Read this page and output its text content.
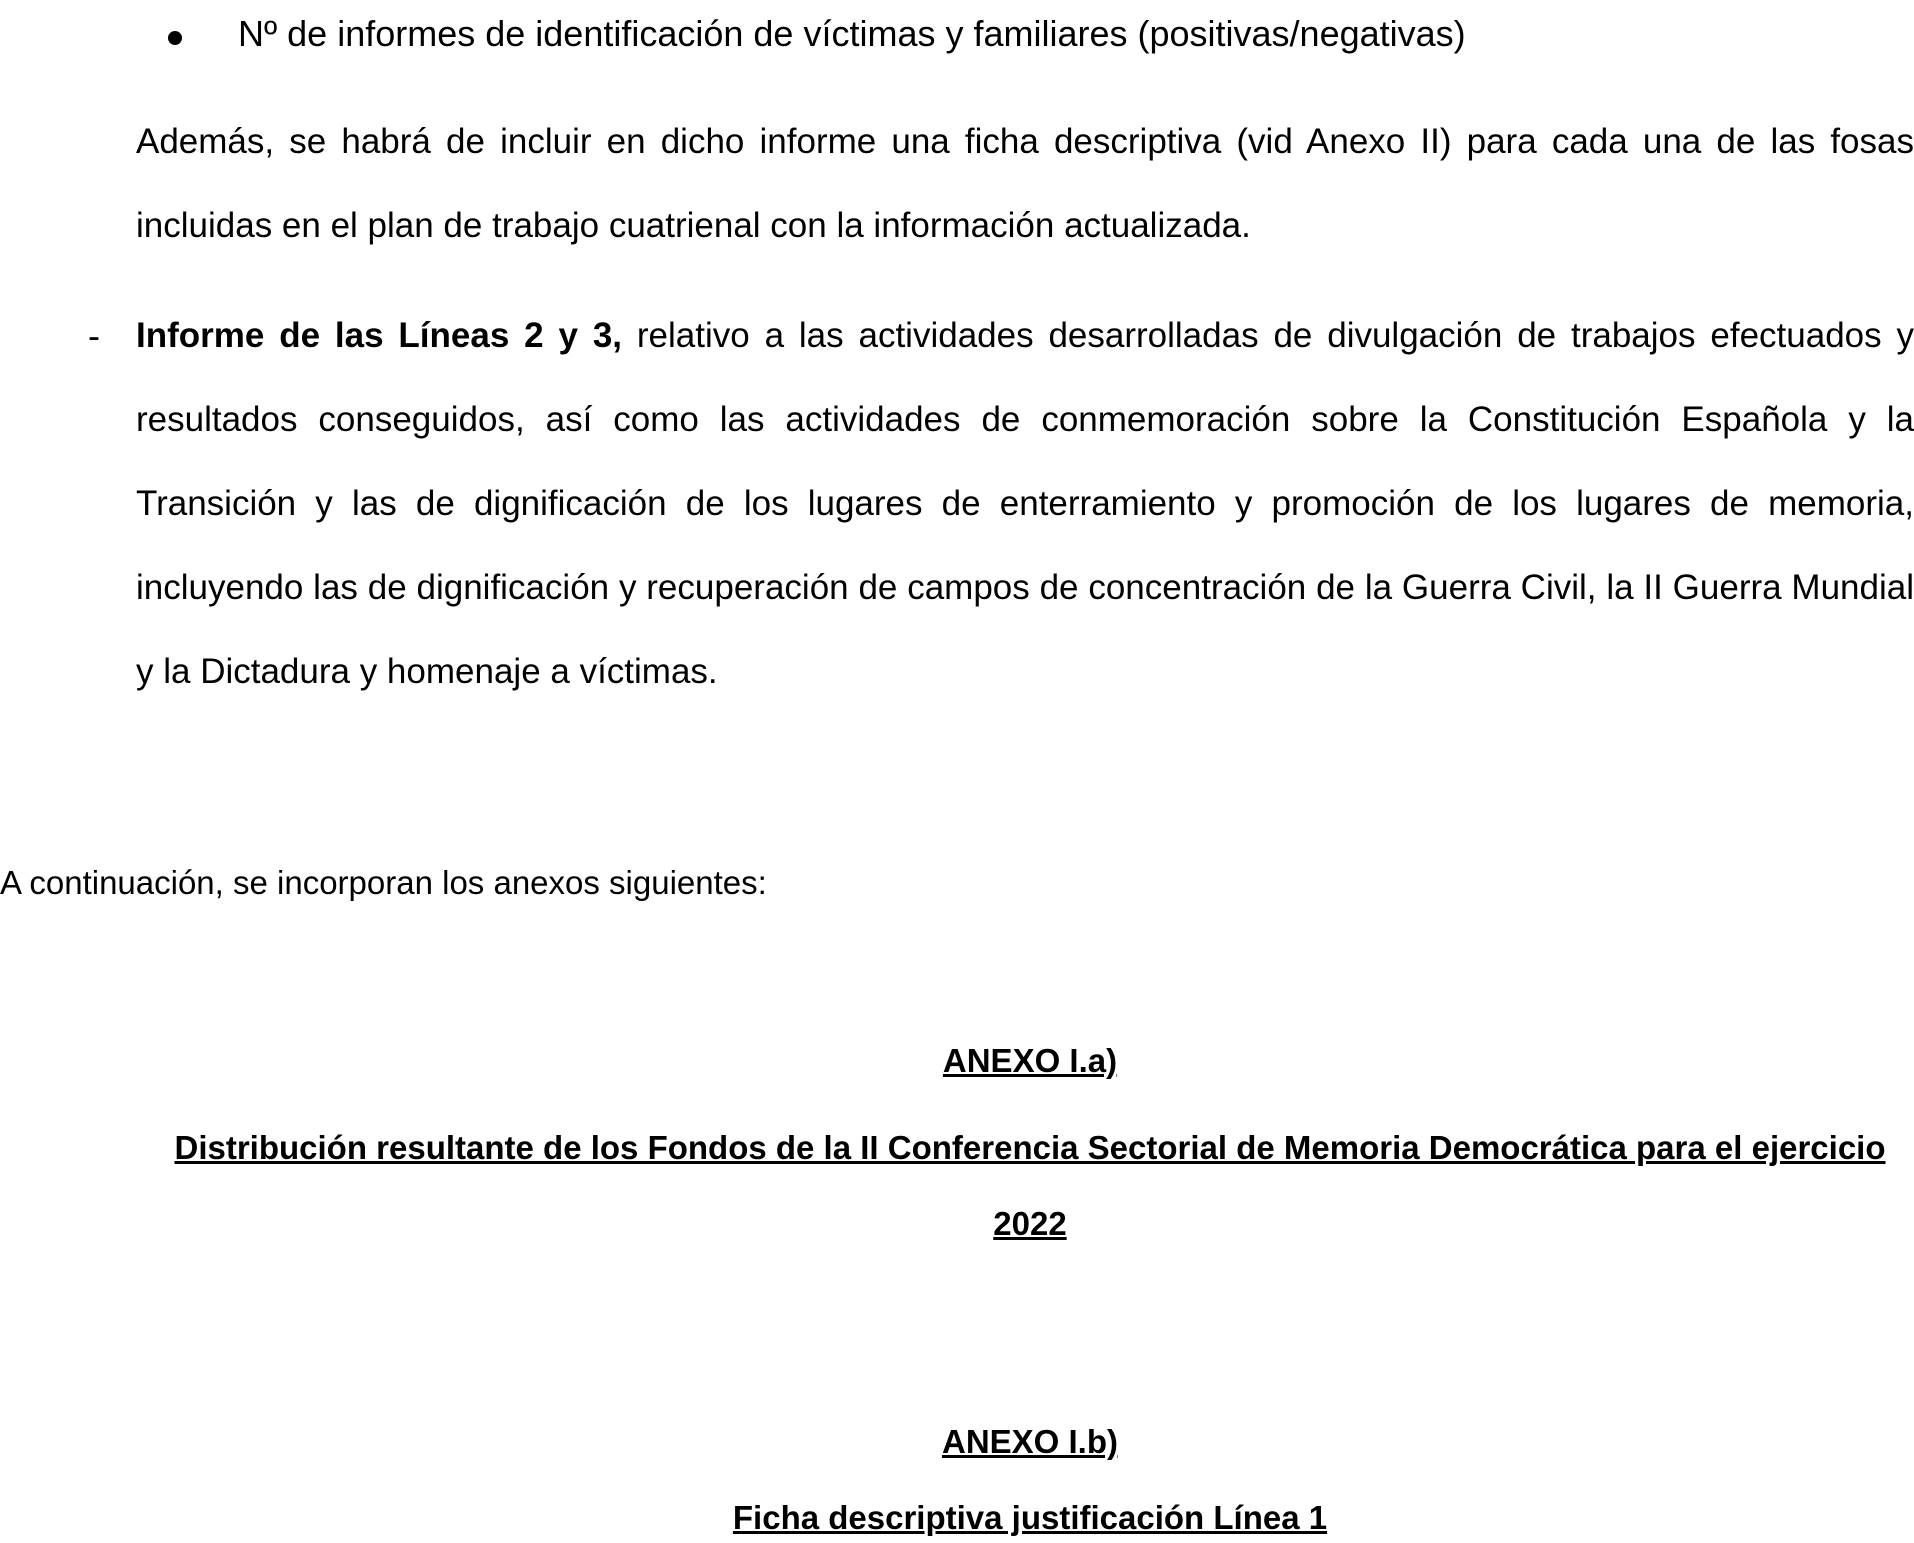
Nº de informes de identificación de víctimas y familiares (positivas/negativas)
Además, se habrá de incluir en dicho informe una ficha descriptiva (vid Anexo II) para cada una de las fosas incluidas en el plan de trabajo cuatrienal con la información actualizada.
- Informe de las Líneas 2 y 3, relativo a las actividades desarrolladas de divulgación de trabajos efectuados y resultados conseguidos, así como las actividades de conmemoración sobre la Constitución Española y la Transición y las de dignificación de los lugares de enterramiento y promoción de los lugares de memoria, incluyendo las de dignificación y recuperación de campos de concentración de la Guerra Civil, la II Guerra Mundial y la Dictadura y homenaje a víctimas.
A continuación, se incorporan los anexos siguientes:
ANEXO I.a)
Distribución resultante de los Fondos de la II Conferencia Sectorial de Memoria Democrática para el ejercicio 2022
ANEXO I.b)
Ficha descriptiva justificación Línea 1
